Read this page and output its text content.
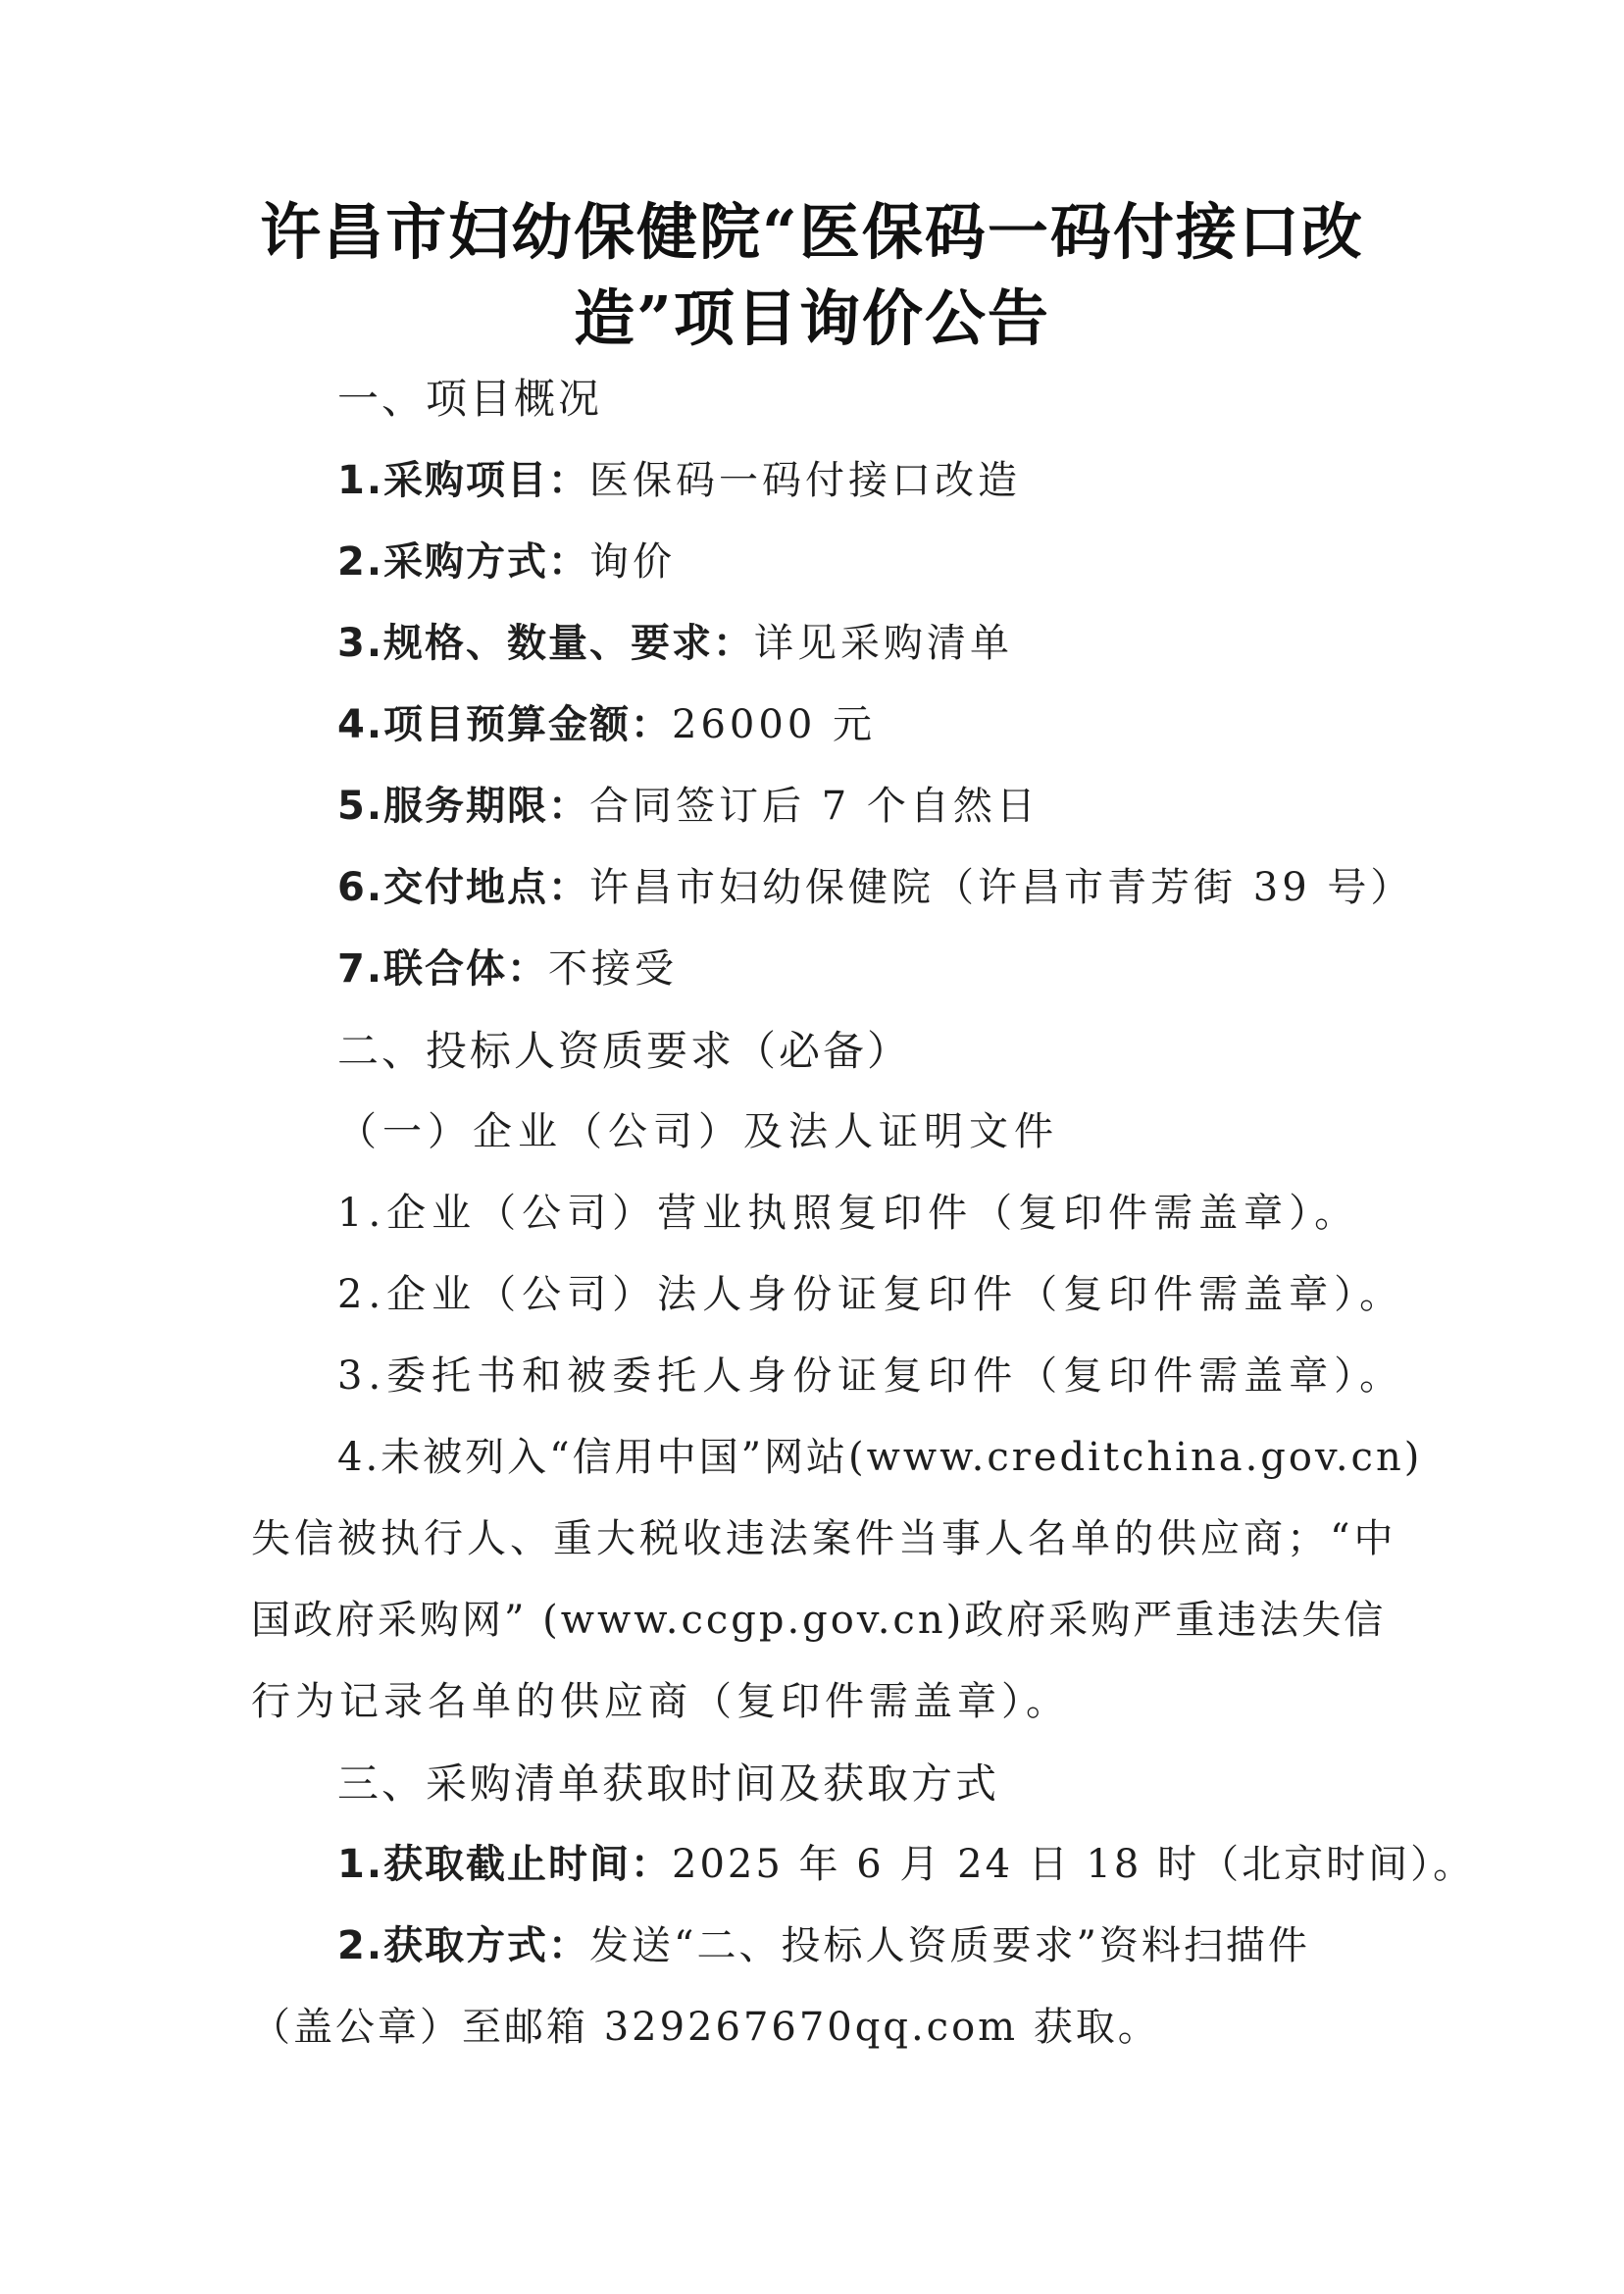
许昌市妇幼保健院“医保码一码付接口改
造”项目询价公告
一、项目概况
1.采购项目：医保码一码付接口改造
2.采购方式：询价
3.规格、数量、要求：详见采购清单
4.项目预算金额：26000 元
5.服务期限：合同签订后 7 个自然日
6.交付地点：许昌市妇幼保健院（许昌市青芳街 39 号）
7.联合体：不接受
二、投标人资质要求（必备）
（一）企业（公司）及法人证明文件
1.企业（公司）营业执照复印件（复印件需盖章）。
2.企业（公司）法人身份证复印件（复印件需盖章）。
3.委托书和被委托人身份证复印件（复印件需盖章）。
4.未被列入“信用中国”网站(www.creditchina.gov.cn)
失信被执行人、重大税收违法案件当事人名单的供应商；“中
国政府采购网” (www.ccgp.gov.cn)政府采购严重违法失信
行为记录名单的供应商（复印件需盖章）。
三、采购清单获取时间及获取方式
1.获取截止时间：2025 年 6 月 24 日 18 时（北京时间）。
2.获取方式：发送“二、投标人资质要求”资料扫描件
（盖公章）至邮箱 329267670qq.com 获取。
